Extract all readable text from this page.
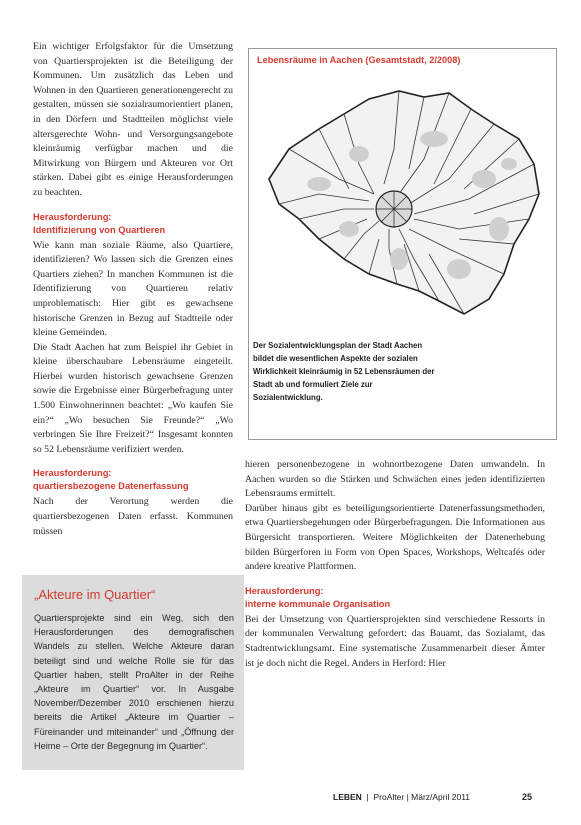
Ein wichtiger Erfolgsfaktor für die Umsetzung von Quartiersprojekten ist die Beteiligung der Kommunen. Um zusätzlich das Leben und Wohnen in den Quartieren generationengerecht zu gestalten, müssen sie sozialraumorientiert planen, in den Dörfern und Stadtteilen möglichst viele altersgerechte Wohn- und Versorgungsangebote kleinräumig verfügbar machen und die Mitwirkung von Bürgern und Akteuren vor Ort stärken. Dabei gibt es einige Herausforderungen zu beachten.

Herausforderung:
Identifizierung von Quartieren

Wie kann man soziale Räume, also Quartiere, identifizieren? Wo lassen sich die Grenzen eines Quartiers ziehen? In manchen Kommunen ist die Identifizierung von Quartieren relativ unproblematisch: Hier gibt es gewachsene historische Grenzen in Bezug auf Stadtteile oder kleine Gemeinden.

Die Stadt Aachen hat zum Beispiel ihr Gebiet in kleine überschaubare Lebensräume eingeteilt. Hierbei wurden historisch gewachsene Grenzen sowie die Ergebnisse einer Bürgerbefragung unter 1.500 Einwohnerinnen beachtet: „Wo kaufen Sie ein?“ „Wo besuchen Sie Freunde?“ „Wo verbringen Sie Ihre Freizeit?“ Insgesamt konnten so 52 Lebensräume verifiziert werden.

Herausforderung:
quartiersbezogene Datenerfassung

Nach der Verortung werden die quartiersbezogenen Daten erfasst. Kommunen müssen

„Akteure im Quartier“
Quartiersprojekte sind ein Weg, sich den Herausforderungen des demografischen Wandels zu stellen. Welche Akteure daran beteiligt sind und welche Rolle sie für das Quartier haben, stellt ProAlter in der Reihe „Akteure im Quartier“ vor. In Ausgabe November/Dezember 2010 erschienen hierzu bereits die Artikel „Akteure im Quartier – Füreinander und miteinander“ und „Öffnung der Heime – Orte der Begegnung im Quartier“.
Lebensräume in Aachen (Gesamtstadt, 2/2008)
Der Sozialentwicklungsplan der Stadt Aachen bildet die wesentlichen Aspekte der sozialen Wirklichkeit kleinräumig in 52 Lebensräumen der Stadt ab und formuliert Ziele zur Sozialentwicklung.

hieren personenbezogene in wohnortbezogene Daten umwandeln. In Aachen wurden so die Stärken und Schwächen eines jeden identifizierten Lebensraums ermittelt.

Darüber hinaus gibt es beteiligungsorientierte Datenerfassungsmethoden, etwa Quartiersbegehungen oder Bürgerbefragungen. Die Informationen aus Bürgersicht transportieren. Weitere Möglichkeiten der Datenerhebung bilden Bürgerforen in Form von Open Spaces, Workshops, Weltcafés oder andere kreative Plattformen.

Herausforderung:
interne kommunale Organisation

Bei der Umsetzung von Quartiersprojekten sind verschiedene Ressorts in der kommunalen Verwaltung gefordert: das Bauamt, das Sozialamt, das Stadtentwicklungsamt. Eine systematische Zusammenarbeit dieser Ämter ist je doch nicht die Regel. Anders in Herford: Hier

LEBEN  |  ProAlter | März/April 2011	25
